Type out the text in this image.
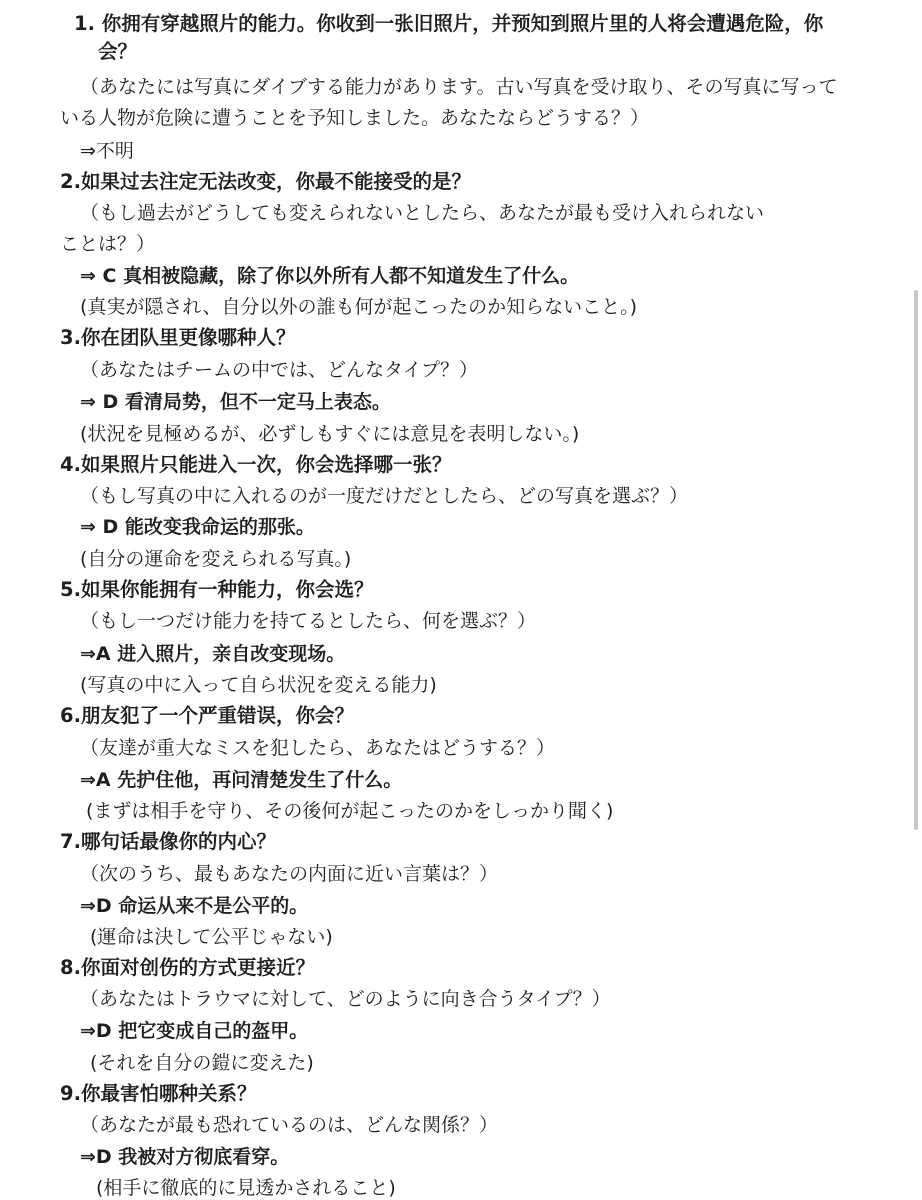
1. 你拥有穿越照片的能力。你收到一张旧照片，并预知到照片里的人将会遭遇危险，你
会？
（あなたには写真にダイブする能力があります。古い写真を受け取り、その写真に写って
いる人物が危険に遭うことを予知しました。あなたならどうする？）
⇒不明
2.如果过去注定无法改变，你最不能接受的是？
（もし過去がどうしても変えられないとしたら、あなたが最も受け入れられない
ことは？）
⇒ C 真相被隐藏，除了你以外所有人都不知道发生了什么。
(真実が隠され、自分以外の誰も何が起こったのか知らないこと。)
3.你在团队里更像哪种人？
（あなたはチームの中では、どんなタイプ？）
⇒ D 看清局势，但不一定马上表态。
(状況を見極めるが、必ずしもすぐには意見を表明しない。)
4.如果照片只能进入一次，你会选择哪一张？
（もし写真の中に入れるのが一度だけだとしたら、どの写真を選ぶ？）
⇒ D 能改变我命运的那张。
(自分の運命を変えられる写真。)
5.如果你能拥有一种能力，你会选？
（もし一つだけ能力を持てるとしたら、何を選ぶ？）
⇒A 进入照片，亲自改变现场。
(写真の中に入って自ら状況を変える能力)
6.朋友犯了一个严重错误，你会？
（友達が重大なミスを犯したら、あなたはどうする？）
⇒A 先护住他，再问清楚发生了什么。
(まずは相手を守り、その後何が起こったのかをしっかり聞く)
7.哪句话最像你的内心？
（次のうち、最もあなたの内面に近い言葉は？）
⇒D 命运从来不是公平的。
(運命は決して公平じゃない)
8.你面对创伤的方式更接近？
（あなたはトラウマに対して、どのように向き合うタイプ？）
⇒D 把它变成自己的盔甲。
(それを自分の鎧に変えた)
9.你最害怕哪种关系？
（あなたが最も恐れているのは、どんな関係？）
⇒D 我被对方彻底看穿。
(相手に徹底的に見透かされること)
